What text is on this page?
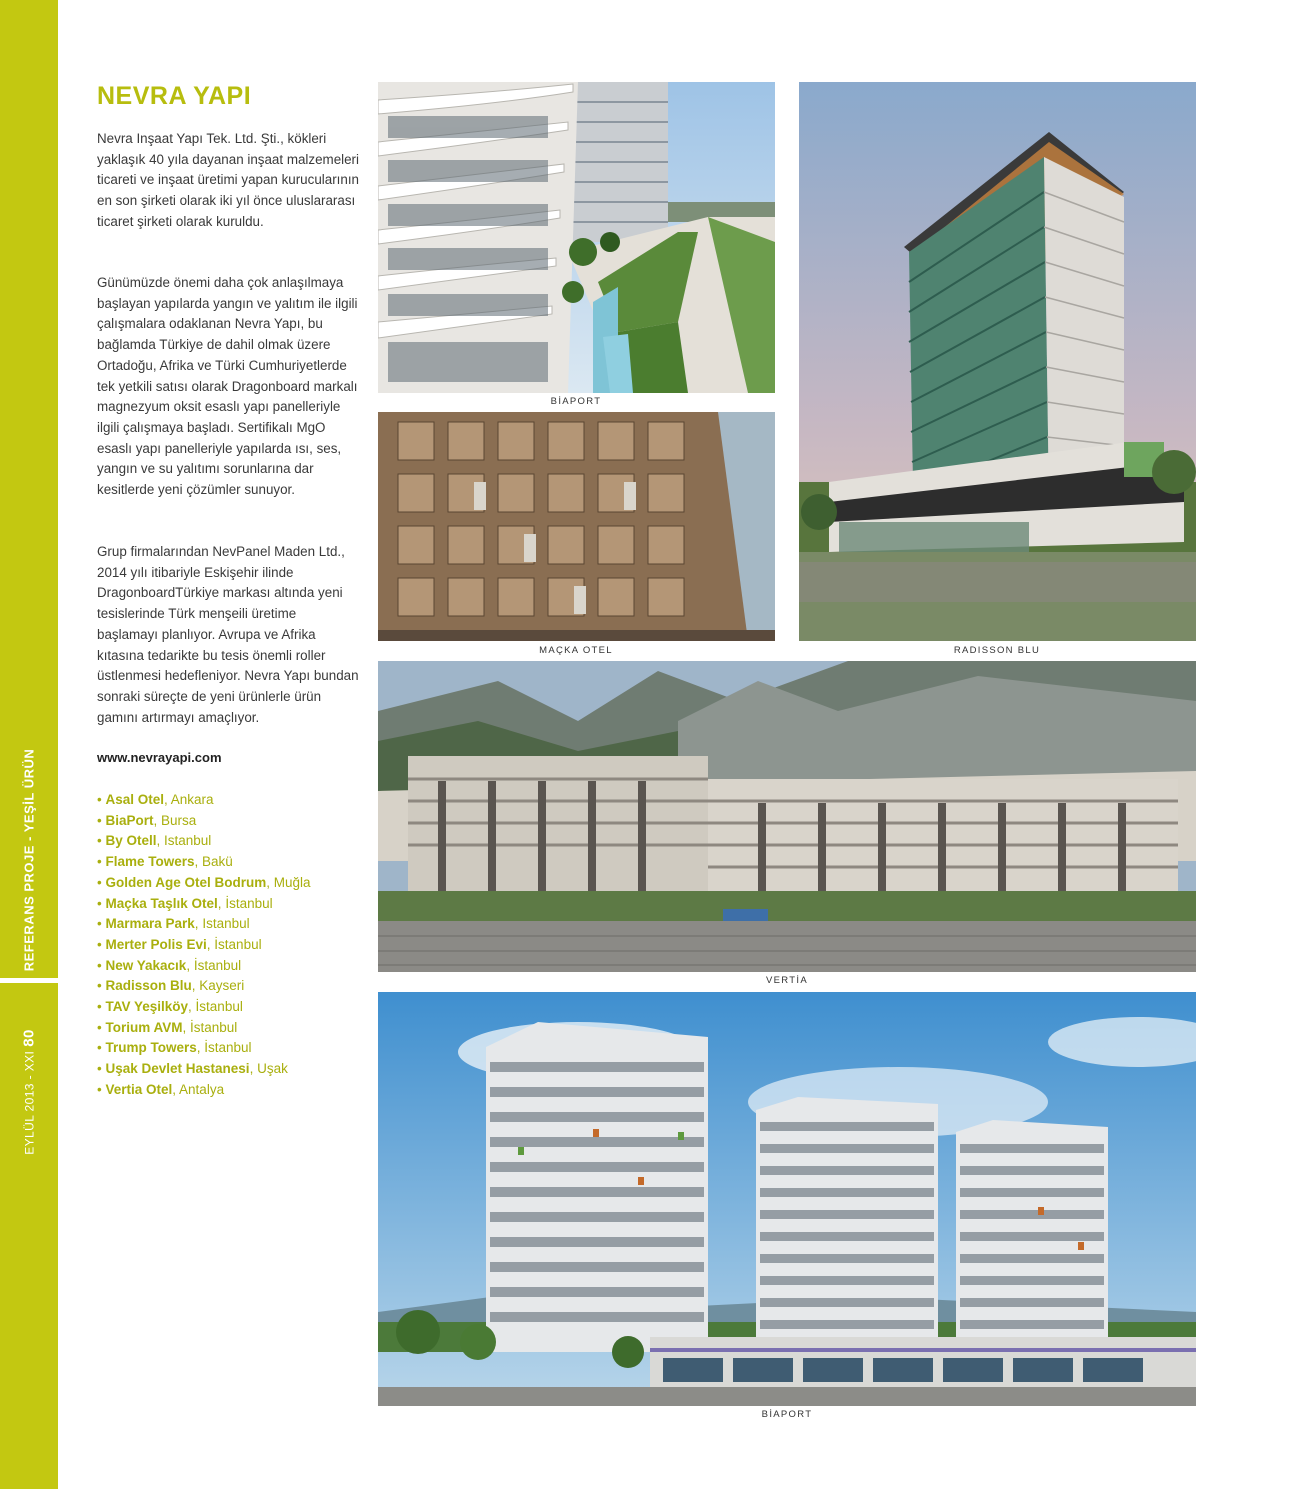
REFERANS PROJE - YEŞİL ÜRÜN
EYLÜL 2013 - XXI80
NEVRA YAPI

Nevra Inşaat Yapı Tek. Ltd. Şti., kökleri yaklaşık 40 yıla dayanan inşaat malzemeleri ticareti ve inşaat üretimi yapan kurucularının en son şirketi olarak iki yıl önce uluslararası ticaret şirketi olarak kuruldu.

Günümüzde önemi daha çok anlaşılmaya başlayan yapılarda yangın ve yalıtım ile ilgili çalışmalara odaklanan Nevra Yapı, bu bağlamda Türkiye de dahil olmak üzere Ortadoğu, Afrika ve Türki Cumhuriyetlerde tek yetkili satısı olarak Dragonboard markalı magnezyum oksit esaslı yapı panelleriyle ilgili çalışmaya başladı. Sertifikalı MgO esaslı yapı panelleriyle yapılarda ısı, ses, yangın ve su yalıtımı sorunlarına dar kesitlerde yeni çözümler sunuyor.

Grup firmalarından NevPanel Maden Ltd., 2014 yılı itibariyle Eskişehir ilinde DragonboardTürkiye markası altında yeni tesislerinde Türk menşeili üretime başlamayı planlıyor. Avrupa ve Afrika kıtasına tedarikte bu tesis önemli roller üstlenmesi hedefleniyor. Nevra Yapı bundan sonraki süreçte de yeni ürünlerle ürün gamını artırmayı amaçlıyor.

www.nevrayapi.com
• Asal Otel, Ankara
• BiaPort, Bursa
• By Otell, Istanbul
• Flame Towers, Bakü
• Golden Age Otel Bodrum, Muğla
• Maçka Taşlık Otel, İstanbul
• Marmara Park, Istanbul
• Merter Polis Evi, İstanbul
• New Yakacık, İstanbul
• Radisson Blu, Kayseri
• TAV Yeşilköy, İstanbul
• Torium AVM, İstanbul
• Trump Towers, İstanbul
• Uşak Devlet Hastanesi, Uşak
• Vertia Otel, Antalya
BİAPORT
RADISSON BLU
MAÇKA OTEL
VERTİA
BİAPORT
